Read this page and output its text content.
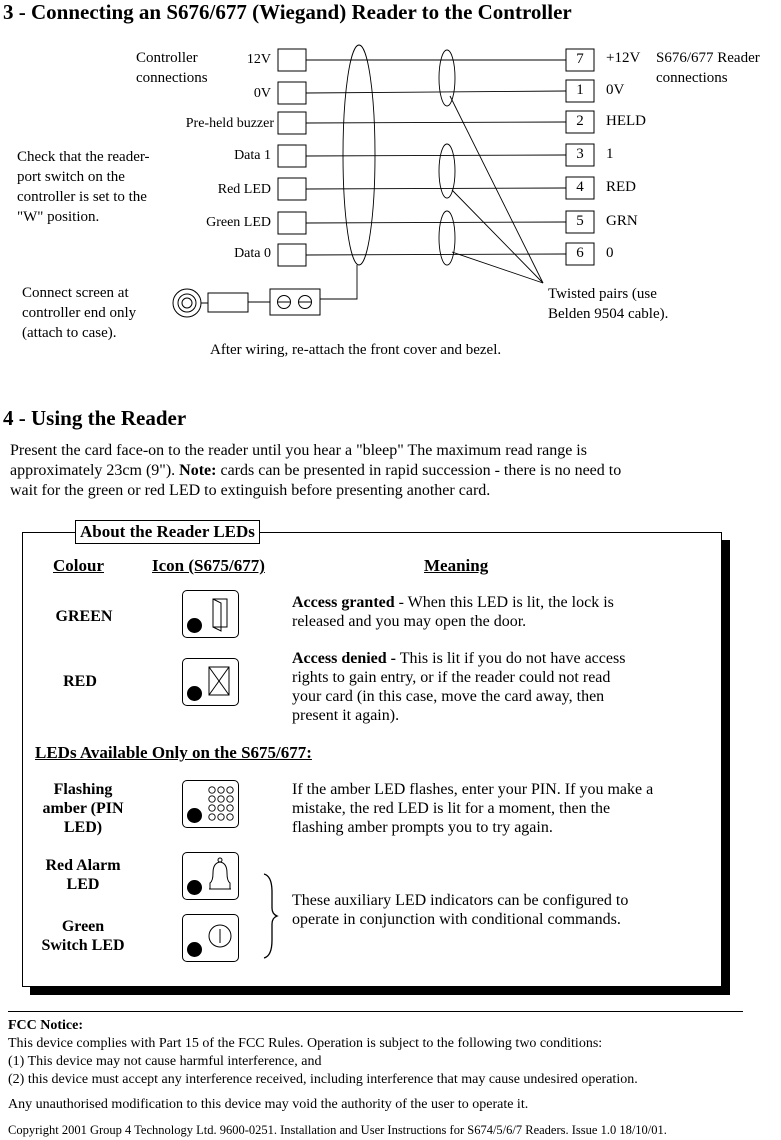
3 - Connecting an S676/677 (Wiegand) Reader to the Controller
Controller
connections
S676/677 Reader
connections
12V
0V
Pre-held buzzer
Data 1
Red LED
Green LED
Data 0
7
1
2
3
4
5
6
+12V
0V
HELD
1
RED
GRN
0
Check that the reader-
port switch on the
controller is set to the
"W" position.
Connect screen at
controller end only
(attach to case).
Twisted pairs (use
Belden 9504 cable).
After wiring, re-attach the front cover and bezel.
4 - Using the Reader
Present the card face-on to the reader until you hear a "bleep" The maximum read range is
approximately 23cm (9"). Note: cards can be presented in rapid succession - there is no need to
wait for the green or red LED to extinguish before presenting another card.
About the Reader LEDs
Colour	Icon (S675/677)	Meaning
GREEN
Access granted - When this LED is lit, the lock is
released and you may open the door.
RED
Access denied - This is lit if you do not have access
rights to gain entry, or if the reader could not read
your card (in this case, move the card away, then
present it again).
LEDs Available Only on the S675/677:
Flashing
amber (PIN
LED)
If the amber LED flashes, enter your PIN. If you make a
mistake, the red LED is lit for a moment, then the
flashing amber prompts you to try again.
Red Alarm
LED
Green
Switch LED
These auxiliary LED indicators can be configured to
operate in conjunction with conditional commands.
FCC Notice:
This device complies with Part 15 of the FCC Rules. Operation is subject to the following two conditions:
(1) This device may not cause harmful interference, and
(2) this device must accept any interference received, including interference that may cause undesired operation.
Any unauthorised modification to this device may void the authority of the user to operate it.
Copyright 2001 Group 4 Technology Ltd. 9600-0251. Installation and User Instructions for S674/5/6/7 Readers. Issue 1.0 18/10/01.
